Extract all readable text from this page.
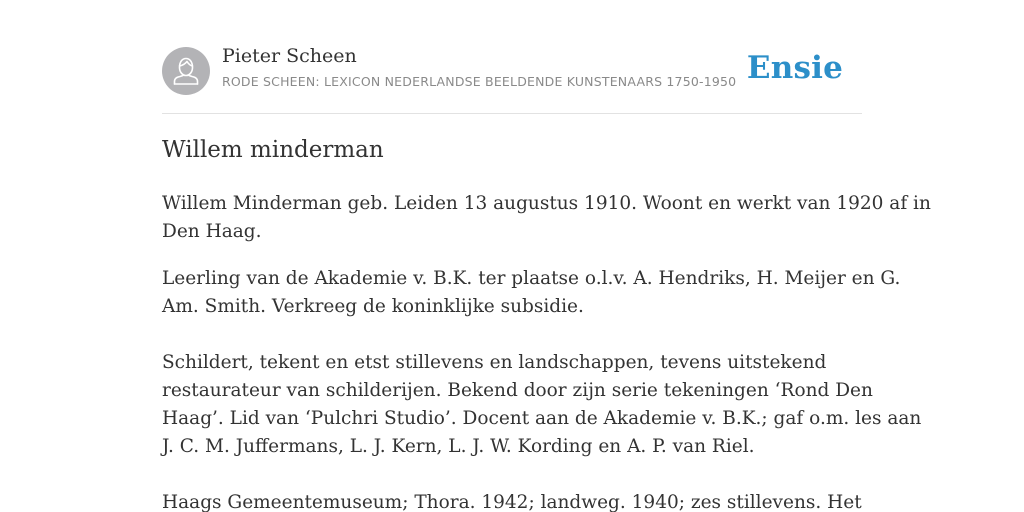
Pieter Scheen
RODE SCHEEN: LEXICON NEDERLANDSE BEELDENDE KUNSTENAARS 1750-1950 Ensie
Willem minderman

Willem Minderman geb. Leiden 13 augustus 1910. Woont en werkt van 1920 af in
Den Haag.

Leerling van de Akademie v. B.K. ter plaatse o.l.v. A. Hendriks, H. Meijer en G.
Am. Smith. Verkreeg de koninklijke subsidie.

Schildert, tekent en etst stillevens en landschappen, tevens uitstekend
restaurateur van schilderijen. Bekend door zijn serie tekeningen ‘Rond Den
Haag’. Lid van ‘Pulchri Studio’. Docent aan de Akademie v. B.K.; gaf o.m. les aan
J. C. M. Juffermans, L. J. Kern, L. J. W. Kording en A. P. van Riel.

Haags Gemeentemuseum; Thora. 1942; landweg. 1940; zes stillevens. Het
